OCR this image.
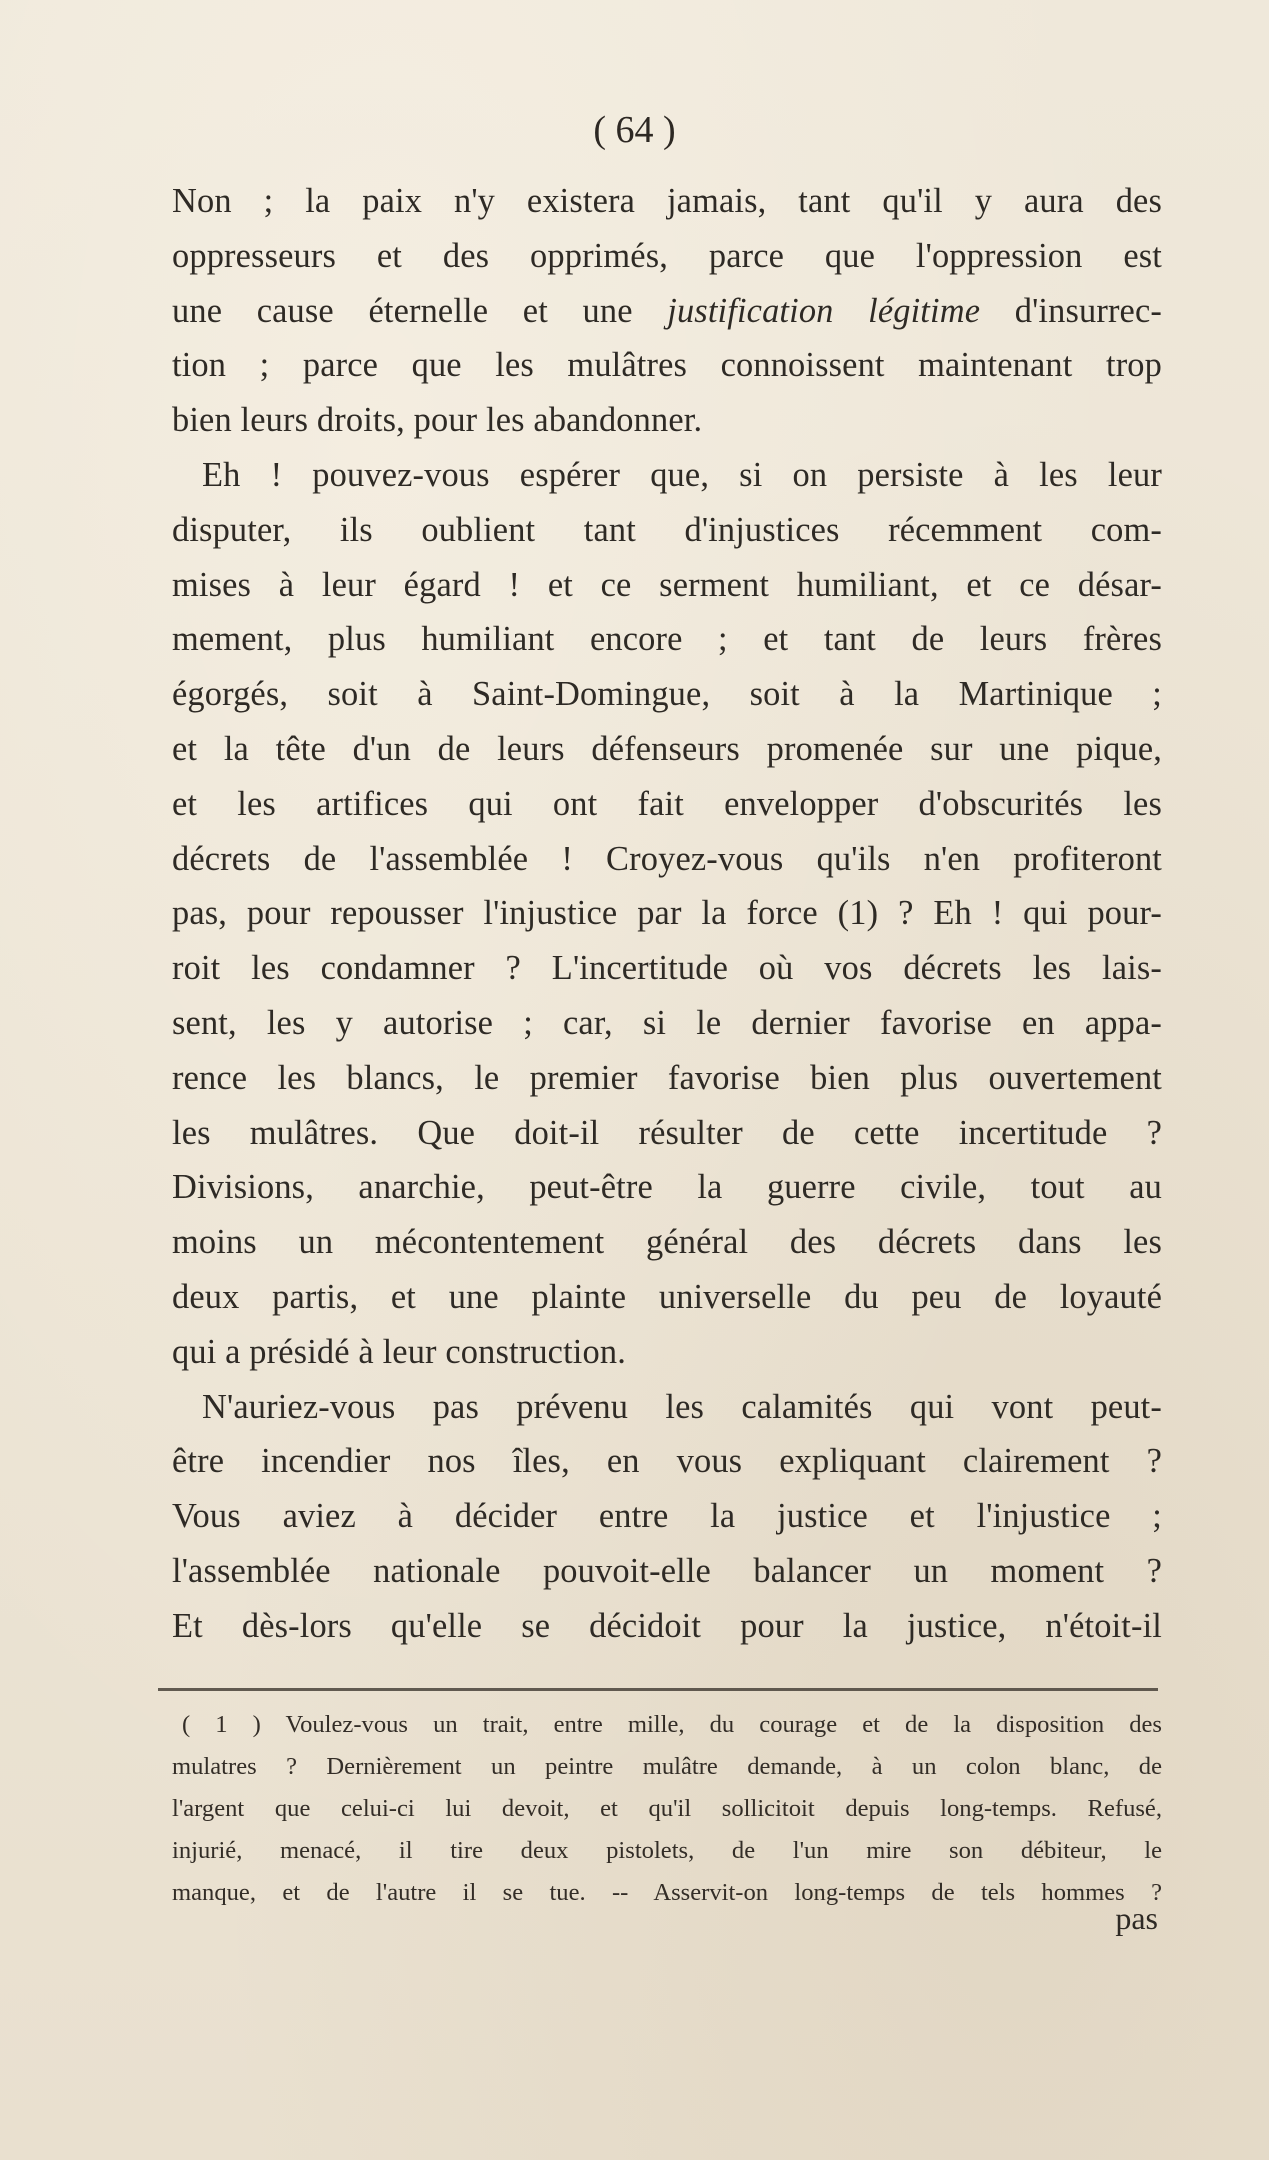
( 64 )
Non ; la paix n'y existera jamais, tant qu'il y aura des
oppresseurs et des opprimés, parce que l'oppression est
une cause éternelle et une justification légitime d'insurrec-
tion ; parce que les mulâtres connoissent maintenant trop
bien leurs droits, pour les abandonner.
Eh ! pouvez-vous espérer que, si on persiste à les leur
disputer, ils oublient tant d'injustices récemment com-
mises à leur égard ! et ce serment humiliant, et ce désar-
mement, plus humiliant encore ; et tant de leurs frères
égorgés, soit à Saint-Domingue, soit à la Martinique ;
et la tête d'un de leurs défenseurs promenée sur une pique,
et les artifices qui ont fait envelopper d'obscurités les
décrets de l'assemblée ! Croyez-vous qu'ils n'en profiteront
pas, pour repousser l'injustice par la force (1) ? Eh ! qui pour-
roit les condamner ? L'incertitude où vos décrets les lais-
sent, les y autorise ; car, si le dernier favorise en appa-
rence les blancs, le premier favorise bien plus ouvertement
les mulâtres. Que doit-il résulter de cette incertitude ?
Divisions, anarchie, peut-être la guerre civile, tout au
moins un mécontentement général des décrets dans les
deux partis, et une plainte universelle du peu de loyauté
qui a présidé à leur construction.
N'auriez-vous pas prévenu les calamités qui vont peut-
être incendier nos îles, en vous expliquant clairement ?
Vous aviez à décider entre la justice et l'injustice ;
l'assemblée nationale pouvoit-elle balancer un moment ?
Et dès-lors qu'elle se décidoit pour la justice, n'étoit-il
( 1 ) Voulez-vous un trait, entre mille, du courage et de la disposition des
mulatres ? Dernièrement un peintre mulâtre demande, à un colon blanc, de
l'argent que celui-ci lui devoit, et qu'il sollicitoit depuis long-temps. Refusé,
injurié, menacé, il tire deux pistolets, de l'un mire son débiteur, le
manque, et de l'autre il se tue. -- Asservit-on long-temps de tels hommes ?
pas
